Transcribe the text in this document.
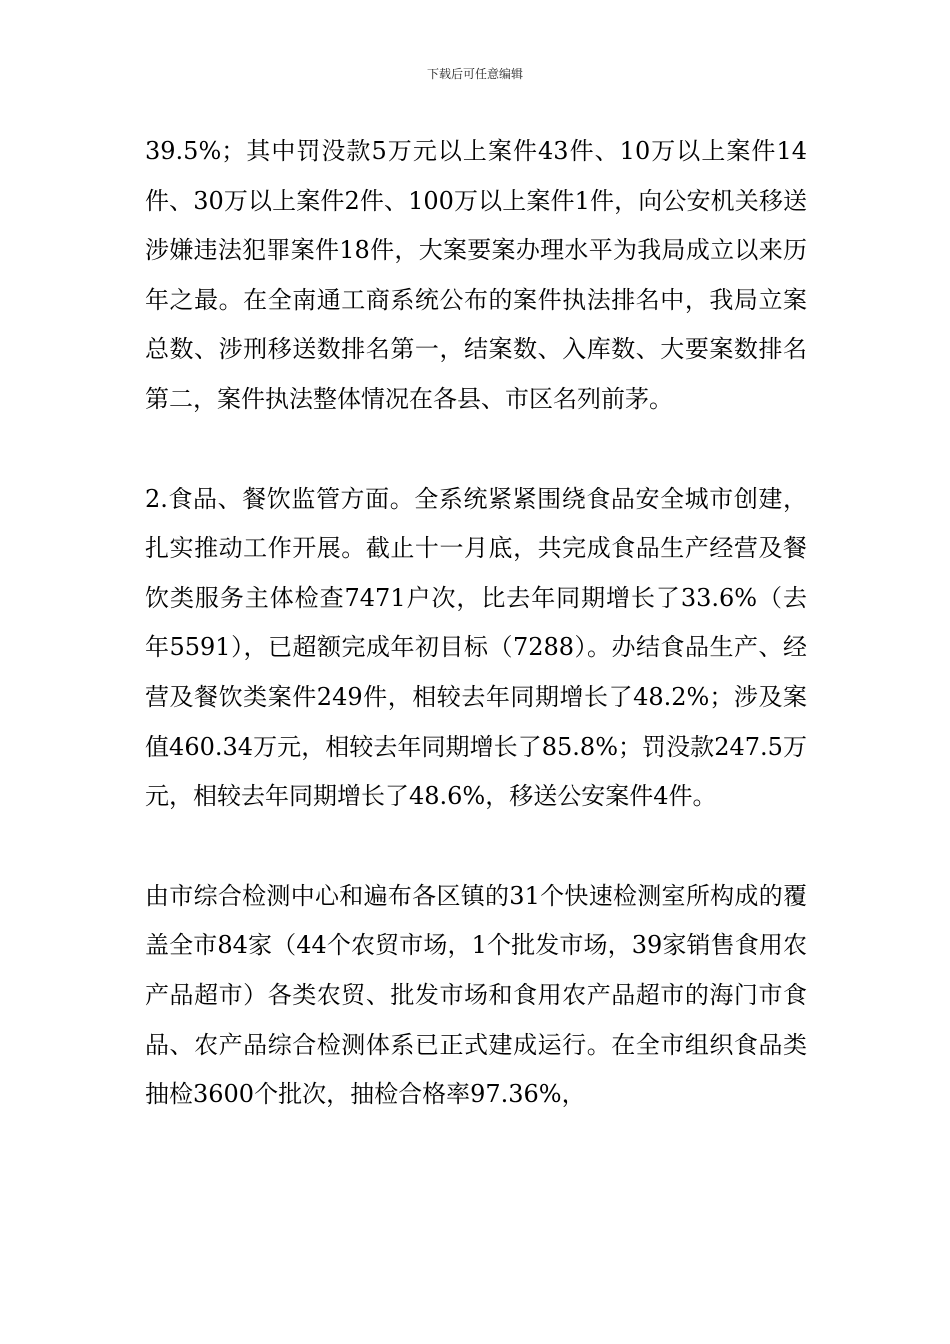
下载后可任意编辑

39.5%；其中罚没款5万元以上案件43件、10万以上案件14件、30万以上案件2件、100万以上案件1件，向公安机关移送涉嫌违法犯罪案件18件，大案要案办理水平为我局成立以来历年之最。在全南通工商系统公布的案件执法排名中，我局立案总数、涉刑移送数排名第一，结案数、入库数、大要案数排名第二，案件执法整体情况在各县、市区名列前茅。

2.食品、餐饮监管方面。全系统紧紧围绕食品安全城市创建，扎实推动工作开展。截止十一月底，共完成食品生产经营及餐饮类服务主体检查7471户次，比去年同期增长了33.6%（去年5591），已超额完成年初目标（7288）。办结食品生产、经营及餐饮类案件249件，相较去年同期增长了48.2%；涉及案值460.34万元，相较去年同期增长了85.8%；罚没款247.5万元，相较去年同期增长了48.6%，移送公安案件4件。

由市综合检测中心和遍布各区镇的31个快速检测室所构成的覆盖全市84家（44个农贸市场，1个批发市场，39家销售食用农产品超市）各类农贸、批发市场和食用农产品超市的海门市食品、农产品综合检测体系已正式建成运行。在全市组织食品类抽检3600个批次，抽检合格率97.36%，
